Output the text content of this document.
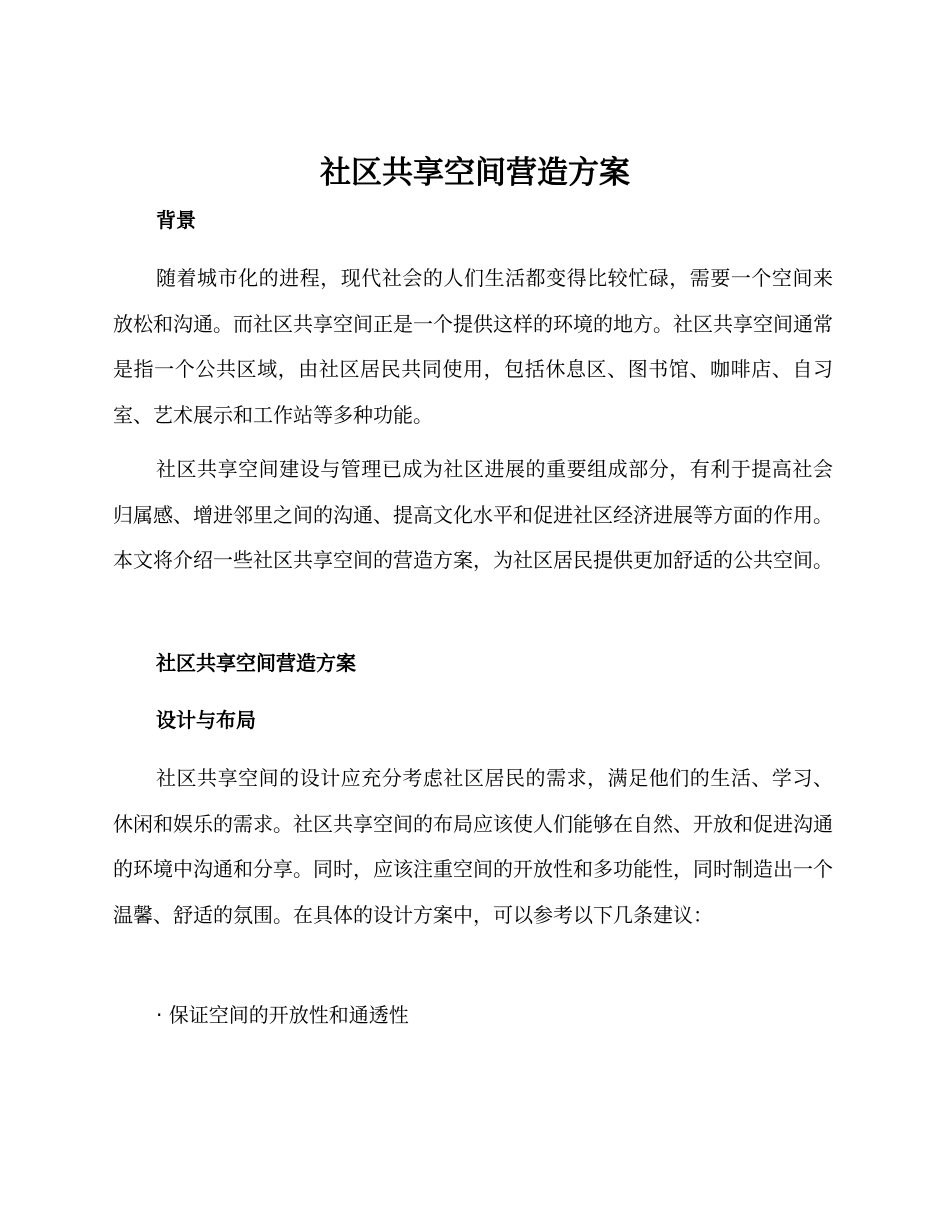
社区共享空间营造方案
背景

随着城市化的进程，现代社会的人们生活都变得比较忙碌，需要一个空间来放松和沟通。而社区共享空间正是一个提供这样的环境的地方。社区共享空间通常是指一个公共区域，由社区居民共同使用，包括休息区、图书馆、咖啡店、自习室、艺术展示和工作站等多种功能。

社区共享空间建设与管理已成为社区进展的重要组成部分，有利于提高社会归属感、增进邻里之间的沟通、提高文化水平和促进社区经济进展等方面的作用。本文将介绍一些社区共享空间的营造方案，为社区居民提供更加舒适的公共空间。

社区共享空间营造方案
设计与布局

社区共享空间的设计应充分考虑社区居民的需求，满足他们的生活、学习、休闲和娱乐的需求。社区共享空间的布局应该使人们能够在自然、开放和促进沟通的环境中沟通和分享。同时，应该注重空间的开放性和多功能性，同时制造出一个温馨、舒适的氛围。在具体的设计方案中，可以参考以下几条建议：

· 保证空间的开放性和通透性
